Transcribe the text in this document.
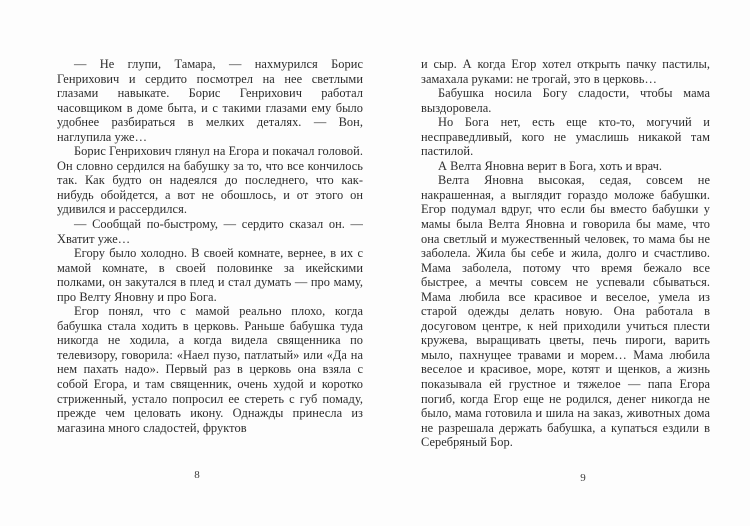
— Не глупи, Тамара, — нахмурился Борис Генрихович и сердито посмотрел на нее светлыми глазами навыкате. Борис Генрихович работал часовщиком в доме быта, и с такими глазами ему было удобнее разбираться в мелких деталях. — Вон, наглупила уже…

Борис Генрихович глянул на Егора и покачал головой. Он словно сердился на бабушку за то, что все кончилось так. Как будто он надеялся до последнего, что как-нибудь обойдется, а вот не обошлось, и от этого он удивился и рассердился.

— Сообщай по-быстрому, — сердито сказал он. — Хватит уже…

Егору было холодно. В своей комнате, вернее, в их с мамой комнате, в своей половинке за икейскими полками, он закутался в плед и стал думать — про маму, про Велту Яновну и про Бога.

Егор понял, что с мамой реально плохо, когда бабушка стала ходить в церковь. Раньше бабушка туда никогда не ходила, а когда видела священника по телевизору, говорила: «Наел пузо, патлатый» или «Да на нем пахать надо». Первый раз в церковь она взяла с собой Егора, и там священник, очень худой и коротко стриженный, устало попросил ее стереть с губ помаду, прежде чем целовать икону. Однажды принесла из магазина много сладостей, фруктов

и сыр. А когда Егор хотел открыть пачку пастилы, замахала руками: не трогай, это в церковь…

Бабушка носила Богу сладости, чтобы мама выздоровела.

Но Бога нет, есть еще кто-то, могучий и несправедливый, кого не умаслишь никакой там пастилой.

А Велта Яновна верит в Бога, хоть и врач.

Велта Яновна высокая, седая, совсем не накрашенная, а выглядит гораздо моложе бабушки. Егор подумал вдруг, что если бы вместо бабушки у мамы была Велта Яновна и говорила бы маме, что она светлый и мужественный человек, то мама бы не заболела. Жила бы себе и жила, долго и счастливо. Мама заболела, потому что время бежало все быстрее, а мечты совсем не успевали сбываться. Мама любила все красивое и веселое, умела из старой одежды делать новую. Она работала в досуговом центре, к ней приходили учиться плести кружева, выращивать цветы, печь пироги, варить мыло, пахнущее травами и морем… Мама любила веселое и красивое, море, котят и щенков, а жизнь показывала ей грустное и тяжелое — папа Егора погиб, когда Егор еще не родился, денег никогда не было, мама готовила и шила на заказ, животных дома не разрешала держать бабушка, а купаться ездили в Серебряный Бор.

8	9
